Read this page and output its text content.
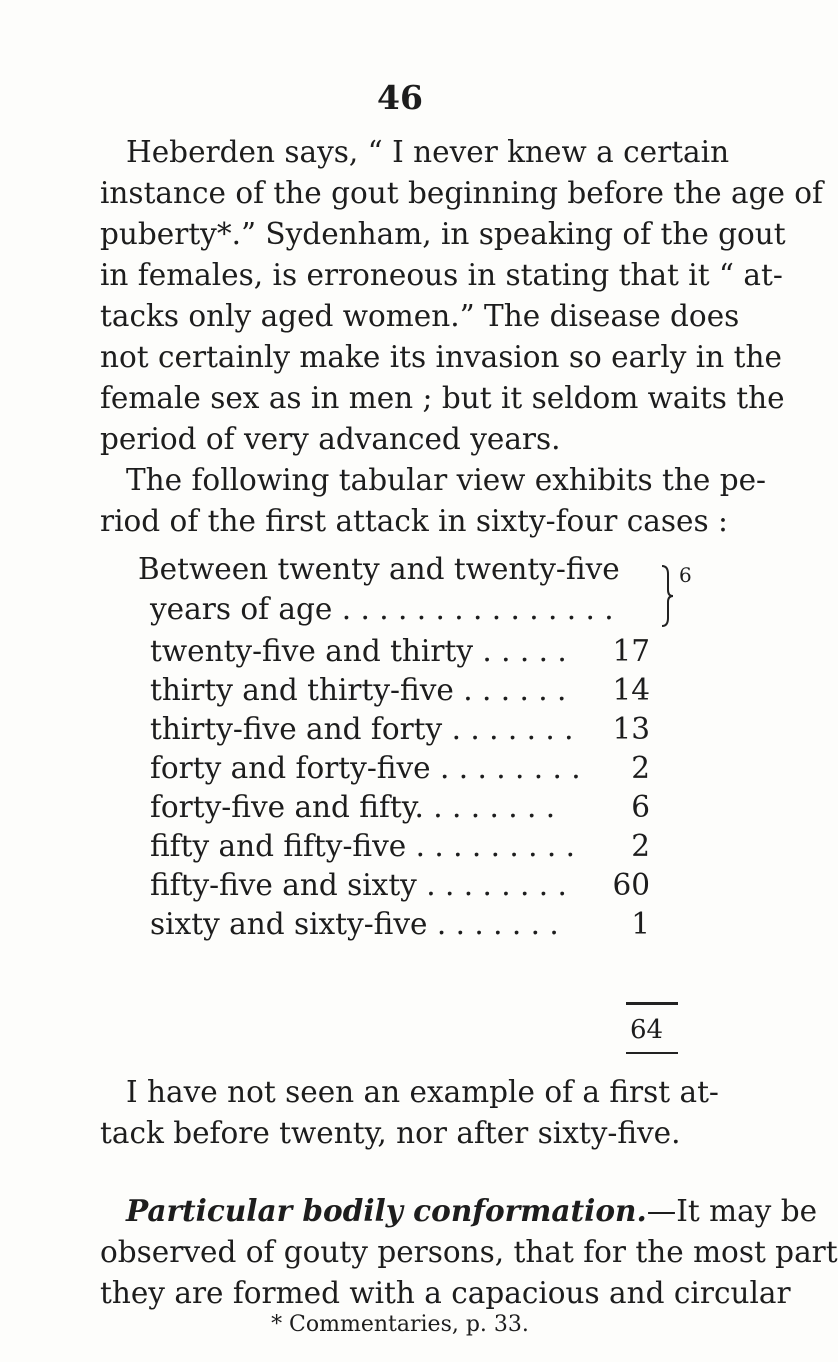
46
Heberden says, “ I never knew a certain
instance of the gout beginning before the age of
puberty*.” Sydenham, in speaking of the gout
in females, is erroneous in stating that it “ at-
tacks only aged women.” The disease does
not certainly make its invasion so early in the
female sex as in men ; but it seldom waits the
period of very advanced years.
The following tabular view exhibits the pe-
riod of the first attack in sixty-four cases :
Between twenty and twenty-five
years of age . . . . . . . . . . . . . . .
6
twenty-five and thirty . . . . . 17
thirty and thirty-five . . . . . . 14
thirty-five and forty . . . . . . . 13
forty and forty-five . . . . . . . .	2
forty-five and fifty. . . . . . . .	6
fifty and fifty-five . . . . . . . . .	2
fifty-five and sixty . . . . . . . . 60
sixty and sixty-five . . . . . . .	1
64
I have not seen an example of a first at-
tack before twenty, nor after sixty-five.
Particular bodily conformation.—It may be
observed of gouty persons, that for the most part
they are formed with a capacious and circular
* Commentaries, p. 33.
